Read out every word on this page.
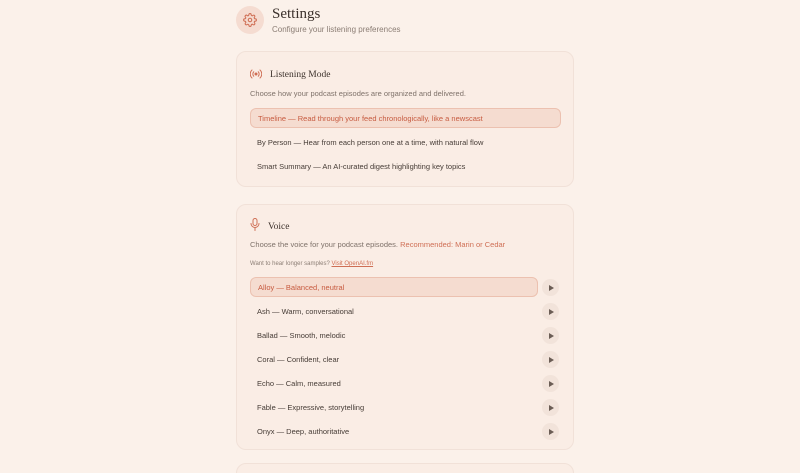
Settings
Configure your listening preferences
Listening Mode
Choose how your podcast episodes are organized and delivered.
Timeline — Read through your feed chronologically, like a newscast
By Person — Hear from each person one at a time, with natural flow
Smart Summary — An AI-curated digest highlighting key topics
Voice
Choose the voice for your podcast episodes. Recommended: Marin or Cedar
Want to hear longer samples? Visit OpenAI.fm
Alloy — Balanced, neutral
Ash — Warm, conversational
Ballad — Smooth, melodic
Coral — Confident, clear
Echo — Calm, measured
Fable — Expressive, storytelling
Onyx — Deep, authoritative
